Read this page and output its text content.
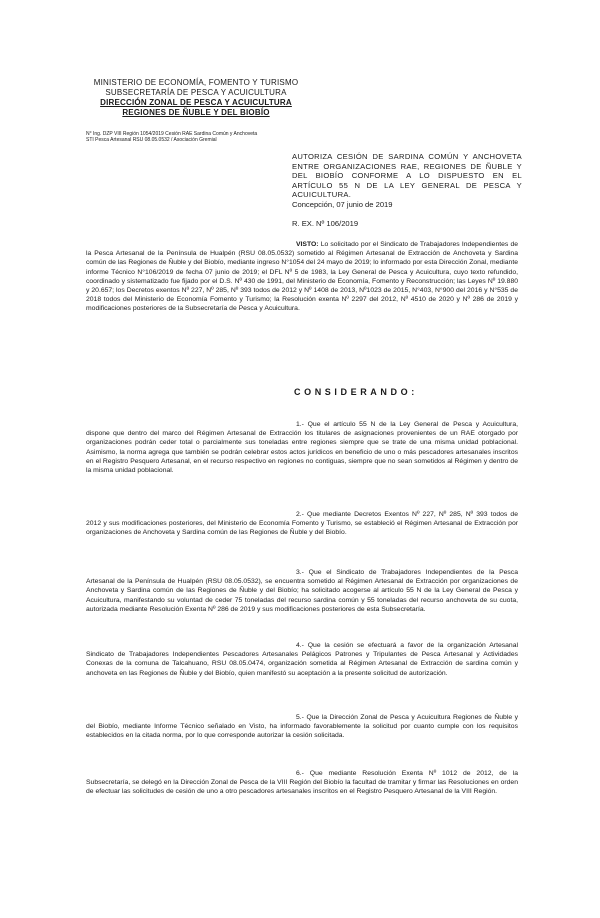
MINISTERIO DE ECONOMÍA, FOMENTO Y TURISMO
SUBSECRETARÍA DE PESCA Y ACUICULTURA
DIRECCIÓN ZONAL DE PESCA Y ACUICULTURA
REGIONES DE ÑUBLE Y DEL BIOBÍO
N° Ing. DZP VIII Región 1054/2019 Cesión RAE Sardina Común y Anchoveta
STI Pesca Artesanal RSU 08.05.0532 / Asociación Gremial
AUTORIZA CESIÓN DE SARDINA COMÚN Y ANCHOVETA ENTRE ORGANIZACIONES RAE, REGIONES DE ÑUBLE Y DEL BIOBÍO CONFORME A LO DISPUESTO EN EL ARTÍCULO 55 N DE LA LEY GENERAL DE PESCA Y ACUICULTURA.
Concepción, 07 junio de 2019
R. EX. Nº 106/2019
VISTO: Lo solicitado por el Sindicato de Trabajadores Independientes de la Pesca Artesanal de la Península de Hualpén (RSU 08.05.0532) sometido al Régimen Artesanal de Extracción de Anchoveta y Sardina común de las Regiones de Ñuble y del Biobío, mediante ingreso N°1054 del 24 mayo de 2019; lo informado por esta Dirección Zonal, mediante informe Técnico N°106/2019 de fecha 07 junio de 2019; el DFL Nº 5 de 1983, la Ley General de Pesca y Acuicultura, cuyo texto refundido, coordinado y sistematizado fue fijado por el D.S. Nº 430 de 1991, del Ministerio de Economía, Fomento y Reconstrucción; las Leyes Nº 19.880 y 20.657; los Decretos exentos Nº 227, Nº 285, Nº 393 todos de 2012 y Nº 1408 de 2013, Nº1023 de 2015, N°403, N°900 del 2016 y N°535 de 2018 todos del Ministerio de Economía Fomento y Turismo; la Resolución exenta Nº 2297 del 2012, Nº 4510 de 2020 y Nº 286 de 2019 y modificaciones posteriores de la Subsecretaría de Pesca y Acuicultura.
CONSIDERANDO:
1.- Que el artículo 55 N de la Ley General de Pesca y Acuicultura, dispone que dentro del marco del Régimen Artesanal de Extracción los titulares de asignaciones provenientes de un RAE otorgado por organizaciones podrán ceder total o parcialmente sus toneladas entre regiones siempre que se trate de una misma unidad poblacional. Asimismo, la norma agrega que también se podrán celebrar estos actos jurídicos en beneficio de uno o más pescadores artesanales inscritos en el Registro Pesquero Artesanal, en el recurso respectivo en regiones no contiguas, siempre que no sean sometidos al Régimen y dentro de la misma unidad poblacional.
2.- Que mediante Decretos Exentos Nº 227, Nº 285, Nº 393 todos de 2012 y sus modificaciones posteriores, del Ministerio de Economía Fomento y Turismo, se estableció el Régimen Artesanal de Extracción por organizaciones de Anchoveta y Sardina común de las Regiones de Ñuble y del Biobío.
3.- Que el Sindicato de Trabajadores Independientes de la Pesca Artesanal de la Península de Hualpén (RSU 08.05.0532), se encuentra sometido al Régimen Artesanal de Extracción por organizaciones de Anchoveta y Sardina común de las Regiones de Ñuble y del Biobío; ha solicitado acogerse al artículo 55 N de la Ley General de Pesca y Acuicultura, manifestando su voluntad de ceder 75 toneladas del recurso sardina común y 55 toneladas del recurso anchoveta de su cuota, autorizada mediante Resolución Exenta Nº 286 de 2019 y sus modificaciones posteriores de esta Subsecretaría.
4.- Que la cesión se efectuará a favor de la organización Artesanal Sindicato de Trabajadores Independientes Pescadores Artesanales Pelágicos Patrones y Tripulantes de Pesca Artesanal y Actividades Conexas de la comuna de Talcahuano, RSU 08.05.0474, organización sometida al Régimen Artesanal de Extracción de sardina común y anchoveta en las Regiones de Ñuble y del Biobío, quien manifestó su aceptación a la presente solicitud de autorización.
5.- Que la Dirección Zonal de Pesca y Acuicultura Regiones de Ñuble y del Biobío, mediante Informe Técnico señalado en Visto, ha informado favorablemente la solicitud por cuanto cumple con los requisitos establecidos en la citada norma, por lo que corresponde autorizar la cesión solicitada.
6.- Que mediante Resolución Exenta Nº 1012 de 2012, de la Subsecretaría, se delegó en la Dirección Zonal de Pesca de la VIII Región del Biobío la facultad de tramitar y firmar las Resoluciones en orden de efectuar las solicitudes de cesión de uno a otro pescadores artesanales inscritos en el Registro Pesquero Artesanal de la VIII Región.
